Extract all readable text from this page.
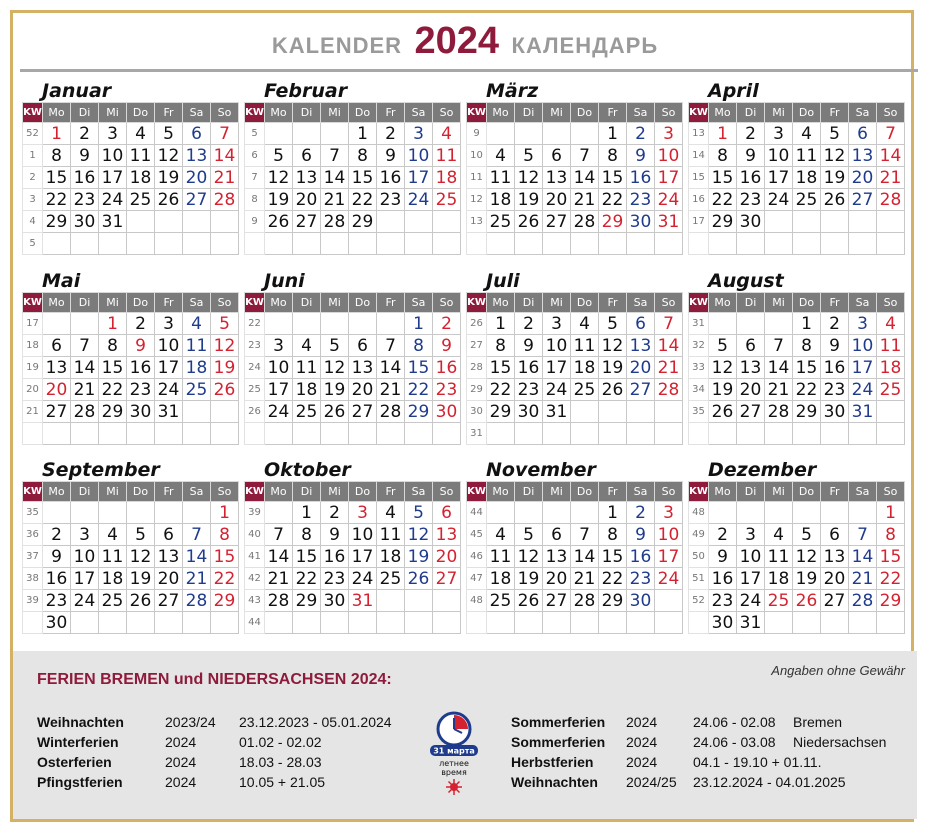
KALENDER 2024 КАЛЕНДАРЬ
Januar
KW	Mo	Di	Mi	Do	Fr	Sa	So
52	1	2	3	4	5	6	7
1	8	9	10	11	12	13	14
2	15	16	17	18	19	20	21
3	22	23	24	25	26	27	28
4	29	30	31				
5							
Februar
KW	Mo	Di	Mi	Do	Fr	Sa	So
5				1	2	3	4
6	5	6	7	8	9	10	11
7	12	13	14	15	16	17	18
8	19	20	21	22	23	24	25
9	26	27	28	29			

März
KW	Mo	Di	Mi	Do	Fr	Sa	So
9					1	2	3
10	4	5	6	7	8	9	10
11	11	12	13	14	15	16	17
12	18	19	20	21	22	23	24
13	25	26	27	28	29	30	31

April
KW	Mo	Di	Mi	Do	Fr	Sa	So
13	1	2	3	4	5	6	7
14	8	9	10	11	12	13	14
15	15	16	17	18	19	20	21
16	22	23	24	25	26	27	28
17	29	30					

Mai
KW	Mo	Di	Mi	Do	Fr	Sa	So
17			1	2	3	4	5
18	6	7	8	9	10	11	12
19	13	14	15	16	17	18	19
20	20	21	22	23	24	25	26
21	27	28	29	30	31		

Juni
KW	Mo	Di	Mi	Do	Fr	Sa	So
22						1	2
23	3	4	5	6	7	8	9
24	10	11	12	13	14	15	16
25	17	18	19	20	21	22	23
26	24	25	26	27	28	29	30

Juli
KW	Mo	Di	Mi	Do	Fr	Sa	So
26	1	2	3	4	5	6	7
27	8	9	10	11	12	13	14
28	15	16	17	18	19	20	21
29	22	23	24	25	26	27	28
30	29	30	31				
31							
August
KW	Mo	Di	Mi	Do	Fr	Sa	So
31				1	2	3	4
32	5	6	7	8	9	10	11
33	12	13	14	15	16	17	18
34	19	20	21	22	23	24	25
35	26	27	28	29	30	31	

September
KW	Mo	Di	Mi	Do	Fr	Sa	So
35							1
36	2	3	4	5	6	7	8
37	9	10	11	12	13	14	15
38	16	17	18	19	20	21	22
39	23	24	25	26	27	28	29
	30						
Oktober
KW	Mo	Di	Mi	Do	Fr	Sa	So
39		1	2	3	4	5	6
40	7	8	9	10	11	12	13
41	14	15	16	17	18	19	20
42	21	22	23	24	25	26	27
43	28	29	30	31			
44							
November
KW	Mo	Di	Mi	Do	Fr	Sa	So
44					1	2	3
45	4	5	6	7	8	9	10
46	11	12	13	14	15	16	17
47	18	19	20	21	22	23	24
48	25	26	27	28	29	30	

Dezember
KW	Mo	Di	Mi	Do	Fr	Sa	So
48							1
49	2	3	4	5	6	7	8
50	9	10	11	12	13	14	15
51	16	17	18	19	20	21	22
52	23	24	25	26	27	28	29
	30	31					
FERIEN BREMEN und NIEDERSACHSEN 2024:
Angaben ohne Gewähr
Weihnachten	2023/24 23.12.2023 - 05.01.2024
Winterferien	2024	01.02 - 02.02
Osterferien	2024	18.03 - 28.03
Pfingstferien	2024	10.05 + 21.05
Sommerferien 2024	24.06 - 02.08 Bremen
Sommerferien 2024	24.06 - 03.08 Niedersachsen
Herbstferien 2024	04.1 - 19.10 + 01.11.
Weihnachten 2024/25 23.12.2024 - 04.01.2025
31 марта
летнее
время
